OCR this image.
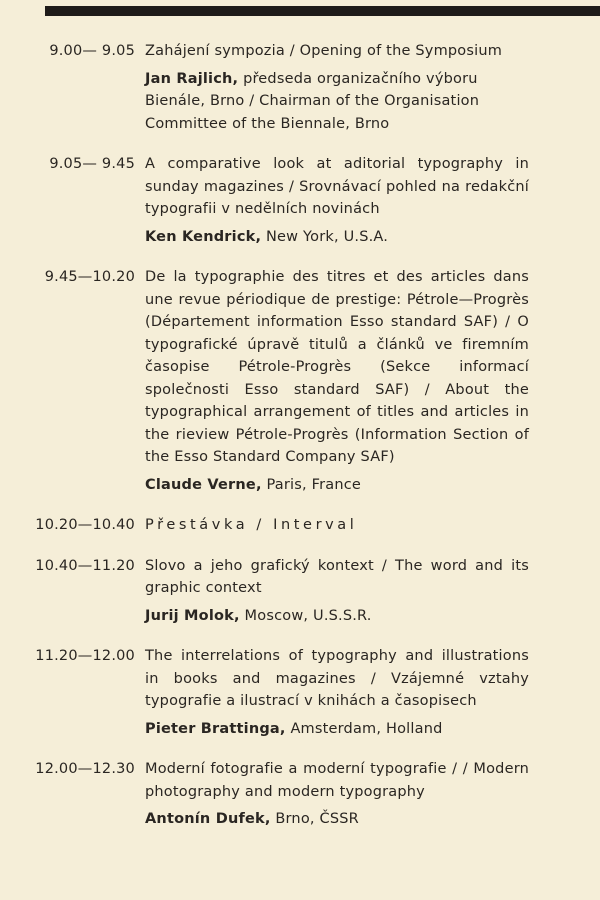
9.00— 9.05 Zahájení sympozia / Opening of the Symposium

Jan Rajlich, předseda organizačního výboru Bienále, Brno / Chairman of the Organisation Committee of the Biennale, Brno

9.05— 9.45 A comparative look at aditorial typography in sunday magazines / Srovnávací pohled na redakční typografii v nedělních novinách

Ken Kendrick, New York, U.S.A.

9.45—10.20 De la typographie des titres et des articles dans une revue périodique de prestige: Pétrole—Progrès (Département information Esso standard SAF) / O typografické úpravě titulů a článků ve firemním časopise Pétrole-Progrès (Sekce informací společnosti Esso standard SAF) / About the typographical arrangement of titles and articles in the rieview Pétrole-Progrès (Information Section of the Esso Standard Company SAF)

Claude Verne, Paris, France

10.20—10.40 Přestávka / Interval

10.40—11.20 Slovo a jeho grafický kontext / The word and its graphic context

Jurij Molok, Moscow, U.S.S.R.

11.20—12.00 The interrelations of typography and illustrations in books and magazines / Vzájemné vztahy typografie a ilustrací v knihách a časopisech

Pieter Brattinga, Amsterdam, Holland

12.00—12.30 Moderní fotografie a moderní typografie / / Modern photography and modern typography

Antonín Dufek, Brno, ČSSR
